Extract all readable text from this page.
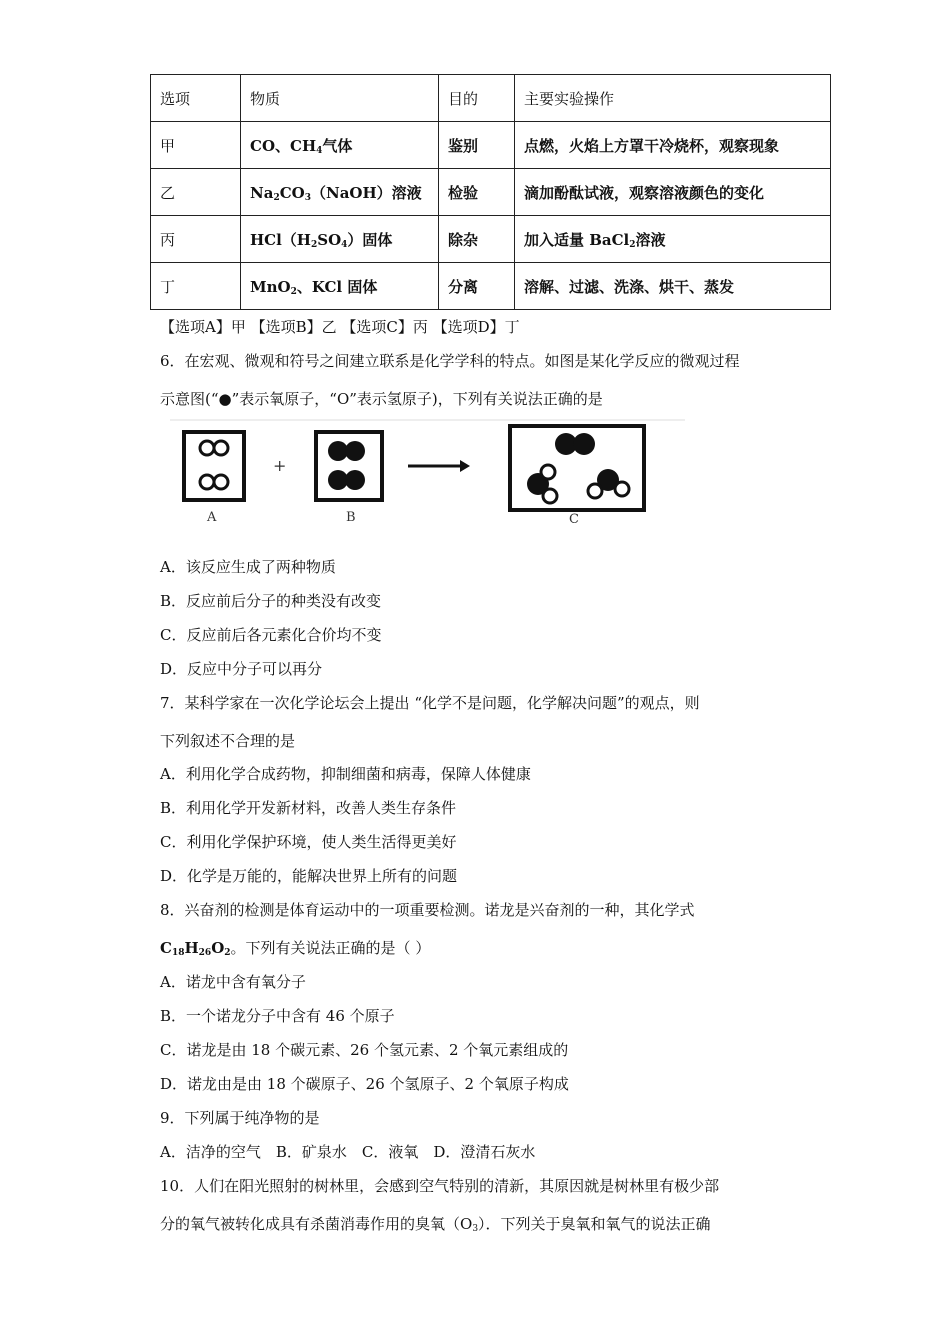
选项	物质	目的	主要实验操作
甲	CO、$CH_4$气体	鉴别	点燃，火焰上方罩干冷烧杯，观察现象
乙	$Na_2CO_3(NaOH)$溶液	检验	滴加酚酞试液，观察溶液颜色的变化
丙	$HCl(H_2SO_4)$固体	除杂	加入适量 BaCl$_2$溶液
丁	MnO$_2$、KCl 固体	分离	溶解、过滤、洗涤、烘干、蒸发
【选项A】甲 【选项B】乙 【选项C】丙 【选项D】丁
6．在宏观、微观和符号之间建立联系是化学学科的特点。如图是某化学反应的微观过程
示意图(“●”表示氧原子，“O”表示氢原子)，下列有关说法正确的是
A
+
B	C
A．该反应生成了两种物质
B．反应前后分子的种类没有改变
C．反应前后各元素化合价均不变
D．反应中分子可以再分
7．某科学家在一次化学论坛会上提出 “化学不是问题，化学解决问题”的观点，则
下列叙述不合理的是
A．利用化学合成药物，抑制细菌和病毒，保障人体健康
B．利用化学开发新材料，改善人类生存条件
C．利用化学保护环境，使人类生活得更美好
D．化学是万能的，能解决世界上所有的问题
8．兴奋剂的检测是体育运动中的一项重要检测。诺龙是兴奋剂的一种，其化学式
$C_{18}H_{26}O_2$。下列有关说法正确的是（ ）
A．诺龙中含有氧分子
B．一个诺龙分子中含有 46 个原子
C．诺龙是由 18 个碳元素、26 个氢元素、2 个氧元素组成的
D．诺龙由是由 18 个碳原子、26 个氢原子、2 个氧原子构成
9．下列属于纯净物的是
A．洁净的空气　B．矿泉水　C．液氧　D．澄清石灰水
10．人们在阳光照射的树林里，会感到空气特别的清新，其原因就是树林里有极少部
分的氧气被转化成具有杀菌消毒作用的臭氧$(O_3)$．下列关于臭氧和氧气的说法正确
